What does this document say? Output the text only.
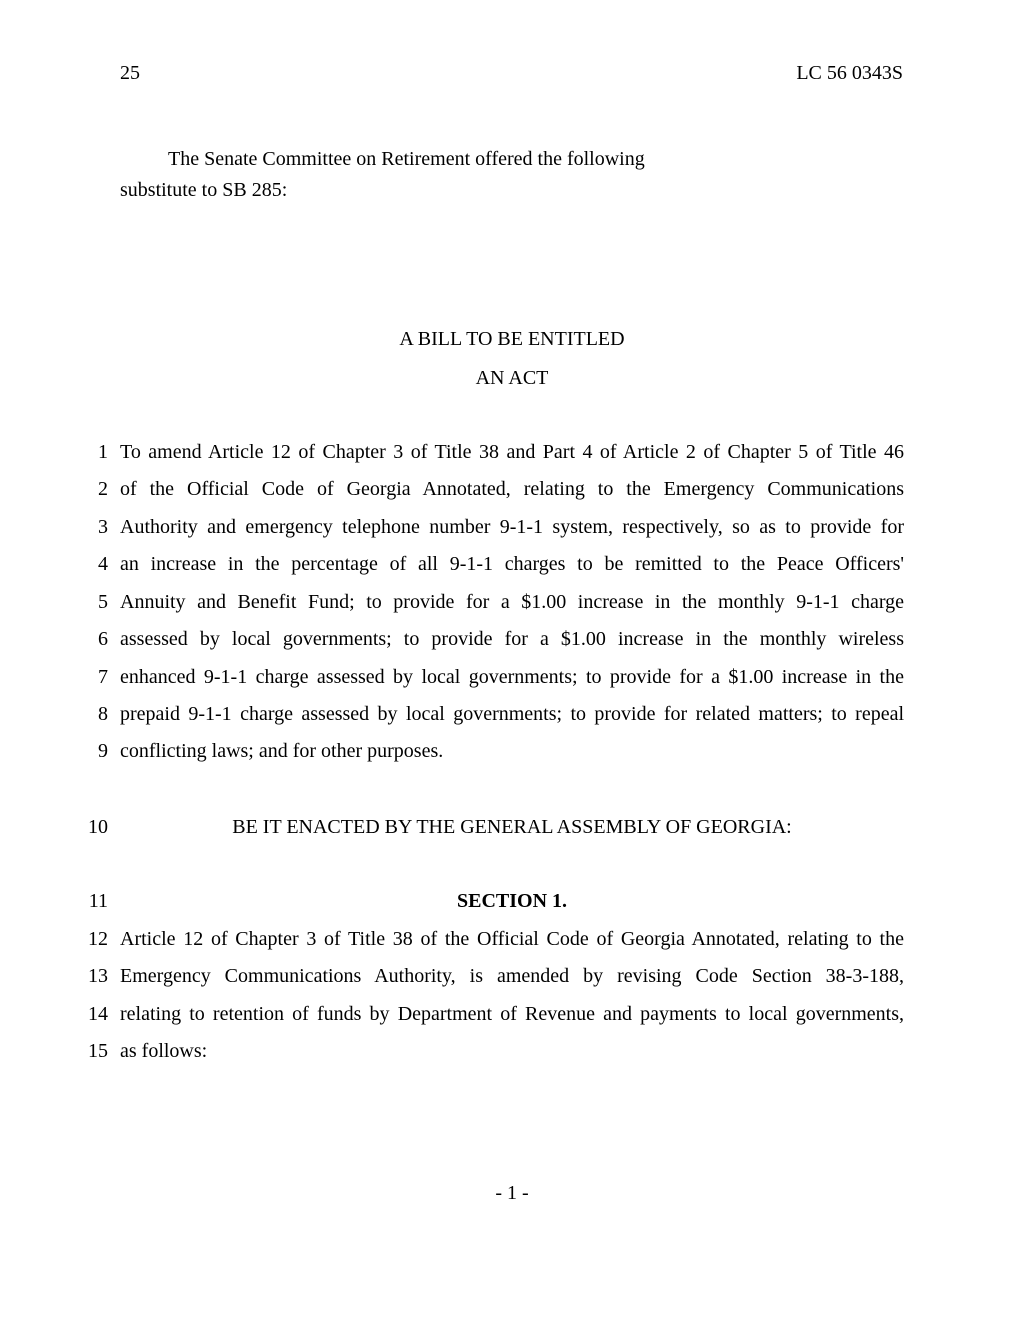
25	LC 56 0343S
The Senate Committee on Retirement offered the following
substitute to SB 285:
A BILL TO BE ENTITLED
AN ACT
1 To amend Article 12 of Chapter 3 of Title 38 and Part 4 of Article 2 of Chapter 5 of Title 46
2 of the Official Code of Georgia Annotated, relating to the Emergency Communications
3 Authority and emergency telephone number 9-1-1 system, respectively, so as to provide for
4 an increase in the percentage of all 9-1-1 charges to be remitted to the Peace Officers'
5 Annuity and Benefit Fund; to provide for a $1.00 increase in the monthly 9-1-1 charge
6 assessed by local governments; to provide for a $1.00 increase in the monthly wireless
7 enhanced 9-1-1 charge assessed by local governments; to provide for a $1.00 increase in the
8 prepaid 9-1-1 charge assessed by local governments; to provide for related matters; to repeal
9 conflicting laws; and for other purposes.
10	BE IT ENACTED BY THE GENERAL ASSEMBLY OF GEORGIA:
11	SECTION 1.
12 Article 12 of Chapter 3 of Title 38 of the Official Code of Georgia Annotated, relating to the
13 Emergency Communications Authority, is amended by revising Code Section 38-3-188,
14 relating to retention of funds by Department of Revenue and payments to local governments,
15 as follows:
- 1 -
